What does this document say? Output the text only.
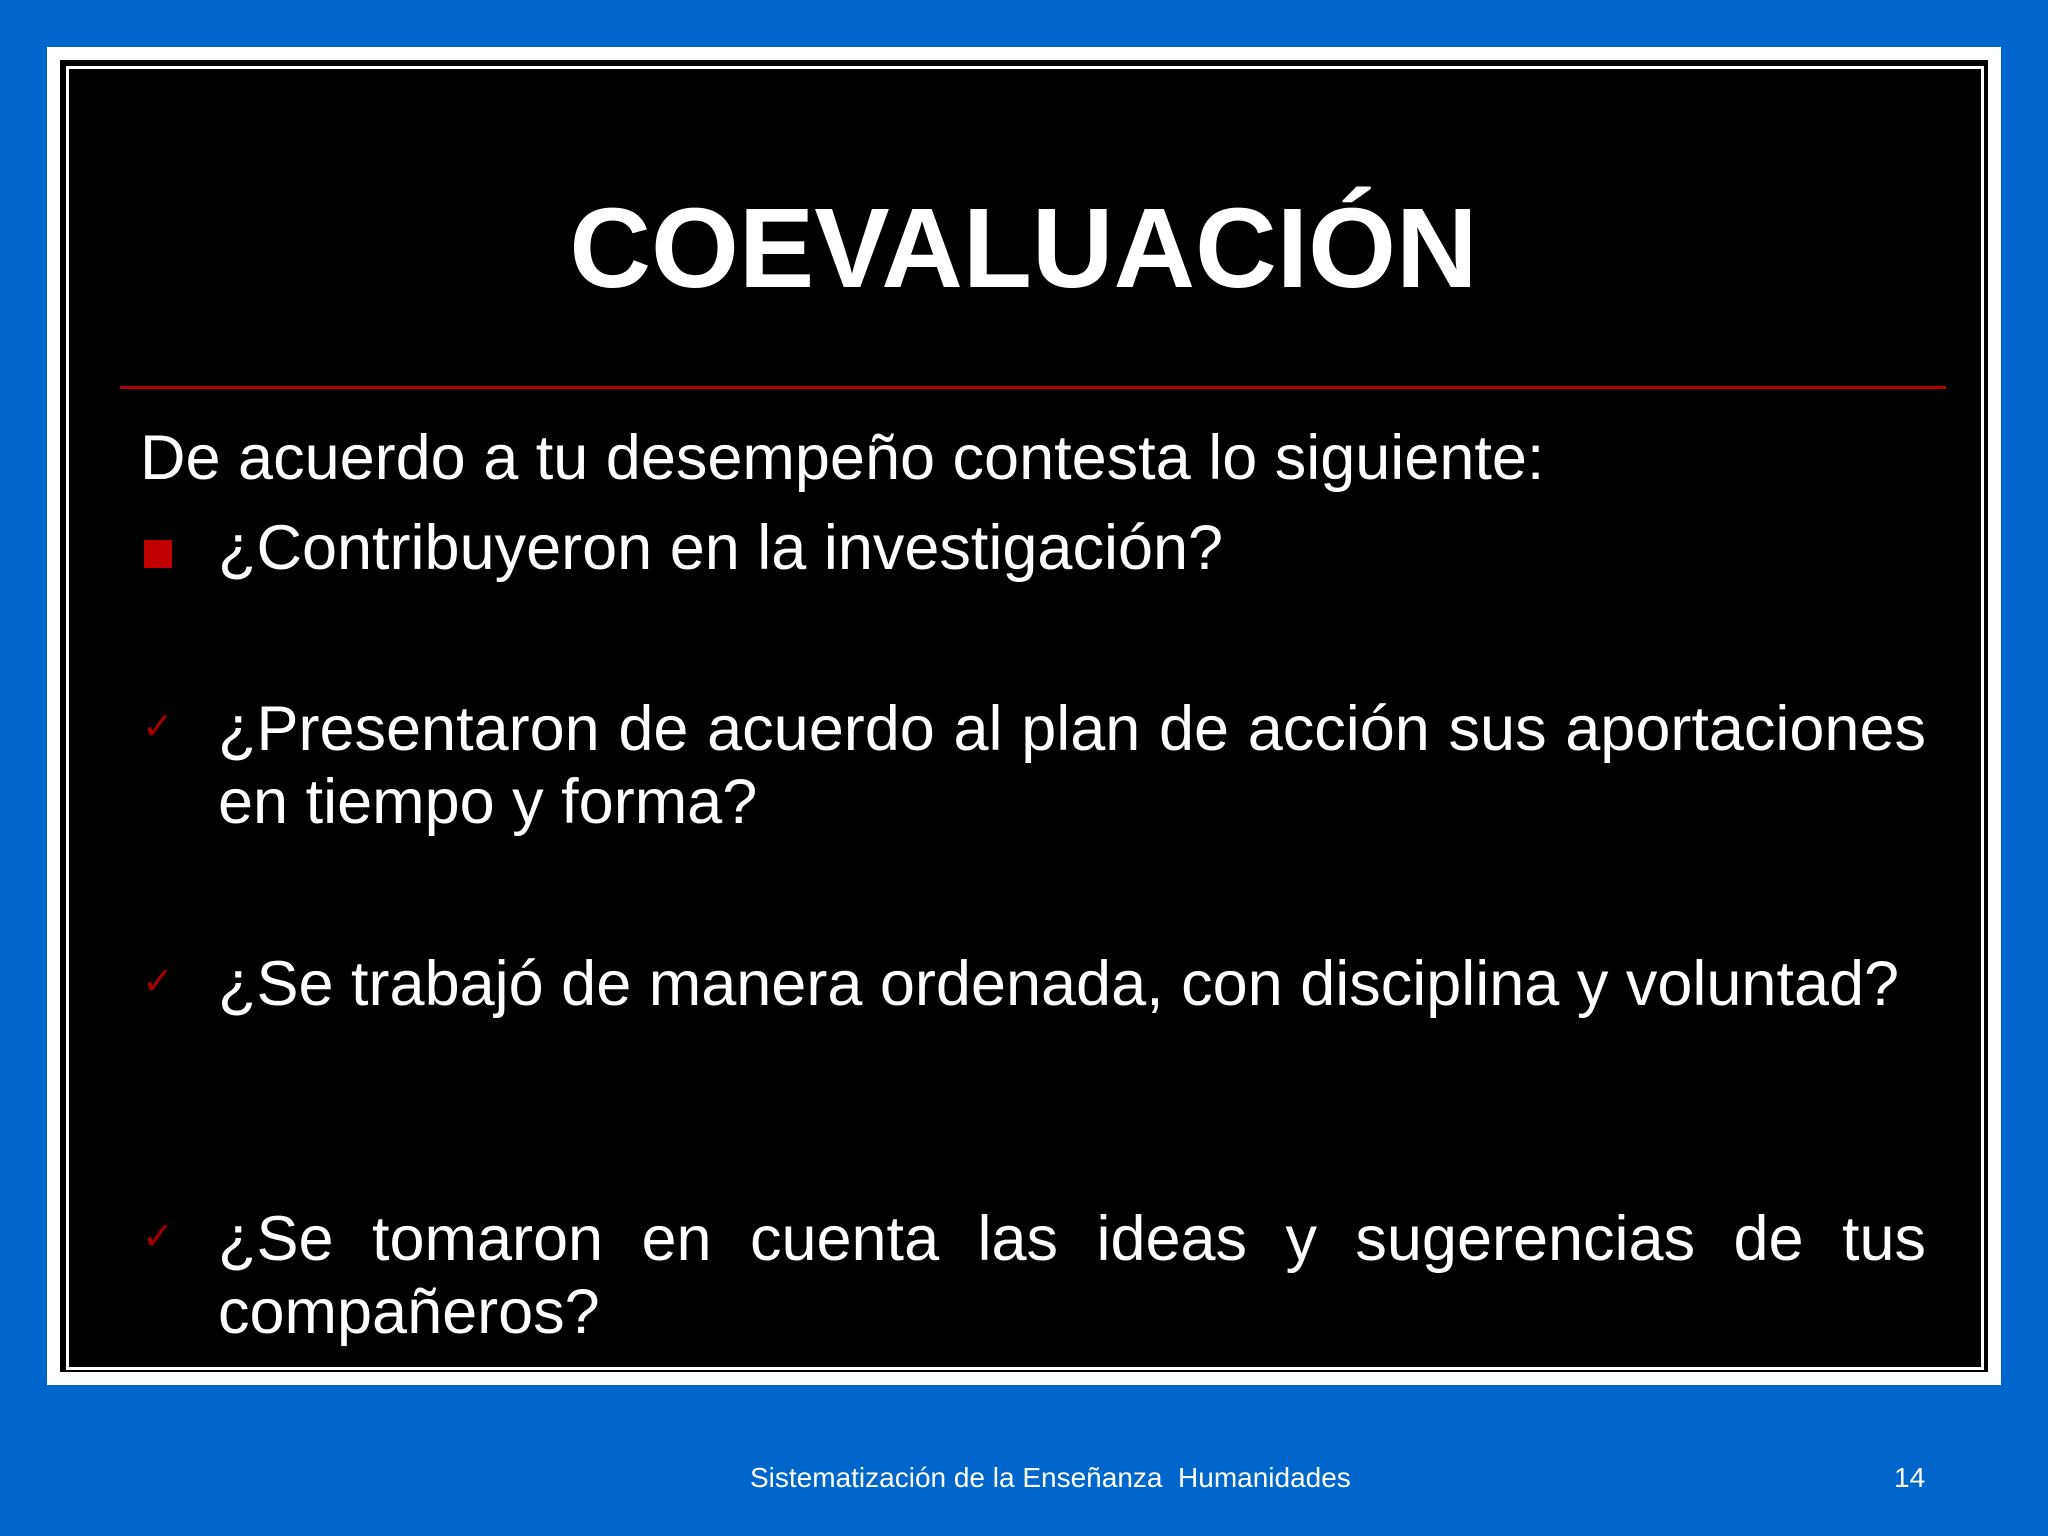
COEVALUACIÓN

De acuerdo a tu desempeño contesta lo siguiente:

¿Contribuyeron en la investigación?

✓ ¿Presentaron de acuerdo al plan de acción sus aportaciones en tiempo y forma?

✓ ¿Se trabajó de manera ordenada, con disciplina y voluntad?

✓ ¿Se tomaron en cuenta las ideas y sugerencias de tus compañeros?

Sistematización de la Enseñanza  Humanidades	14
